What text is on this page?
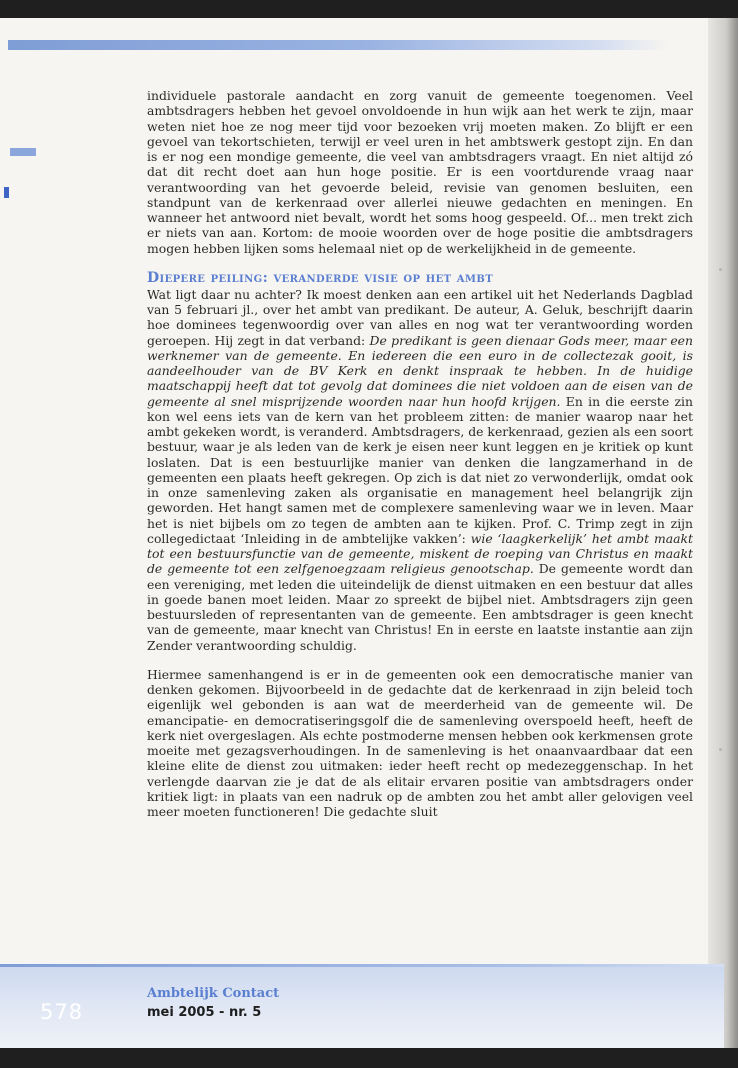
individuele pastorale aandacht en zorg vanuit de gemeente toegenomen. Veel ambtsdragers hebben het gevoel onvoldoende in hun wijk aan het werk te zijn, maar weten niet hoe ze nog meer tijd voor bezoeken vrij moeten maken. Zo blijft er een gevoel van tekortschieten, terwijl er veel uren in het ambtswerk gestopt zijn. En dan is er nog een mondige gemeente, die veel van ambtsdragers vraagt. En niet altijd zó dat dit recht doet aan hun hoge positie. Er is een voortdurende vraag naar verantwoording van het gevoerde beleid, revisie van genomen besluiten, een standpunt van de kerkenraad over allerlei nieuwe gedachten en meningen. En wanneer het antwoord niet bevalt, wordt het soms hoog gespeeld. Of... men trekt zich er niets van aan. Kortom: de mooie woorden over de hoge positie die ambtsdragers mogen hebben lijken soms helemaal niet op de werkelijkheid in de gemeente.

Diepere peiling: veranderde visie op het ambt

Wat ligt daar nu achter? Ik moest denken aan een artikel uit het Nederlands Dagblad van 5 februari jl., over het ambt van predikant. De auteur, A. Geluk, beschrijft daarin hoe dominees tegenwoordig over van alles en nog wat ter verantwoording worden geroepen. Hij zegt in dat verband: De predikant is geen dienaar Gods meer, maar een werknemer van de gemeente. En iedereen die een euro in de collectezak gooit, is aandeelhouder van de BV Kerk en denkt inspraak te hebben. In de huidige maatschappij heeft dat tot gevolg dat dominees die niet voldoen aan de eisen van de gemeente al snel misprijzende woorden naar hun hoofd krijgen. En in die eerste zin kon wel eens iets van de kern van het probleem zitten: de manier waarop naar het ambt gekeken wordt, is veranderd. Ambtsdragers, de kerkenraad, gezien als een soort bestuur, waar je als leden van de kerk je eisen neer kunt leggen en je kritiek op kunt loslaten. Dat is een bestuurlijke manier van denken die langzamerhand in de gemeenten een plaats heeft gekregen. Op zich is dat niet zo verwonderlijk, omdat ook in onze samenleving zaken als organisatie en management heel belangrijk zijn geworden. Het hangt samen met de complexere samenleving waar we in leven. Maar het is niet bijbels om zo tegen de ambten aan te kijken. Prof. C. Trimp zegt in zijn collegedictaat ‘Inleiding in de ambtelijke vakken’: wie ‘laagkerkelijk’ het ambt maakt tot een bestuursfunctie van de gemeente, miskent de roeping van Christus en maakt de gemeente tot een zelfgenoegzaam religieus genootschap. De gemeente wordt dan een vereniging, met leden die uiteindelijk de dienst uitmaken en een bestuur dat alles in goede banen moet leiden. Maar zo spreekt de bijbel niet. Ambtsdragers zijn geen bestuursleden of representanten van de gemeente. Een ambtsdrager is geen knecht van de gemeente, maar knecht van Christus! En in eerste en laatste instantie aan zijn Zender verantwoording schuldig.

Hiermee samenhangend is er in de gemeenten ook een democratische manier van denken gekomen. Bijvoorbeeld in de gedachte dat de kerkenraad in zijn beleid toch eigenlijk wel gebonden is aan wat de meerderheid van de gemeente wil. De emancipatie- en democratiseringsgolf die de samenleving overspoeld heeft, heeft de kerk niet overgeslagen. Als echte postmoderne mensen hebben ook kerkmensen grote moeite met gezagsverhoudingen. In de samenleving is het onaanvaardbaar dat een kleine elite de dienst zou uitmaken: ieder heeft recht op medezeggenschap. In het verlengde daarvan zie je dat de als elitair ervaren positie van ambtsdragers onder kritiek ligt: in plaats van een nadruk op de ambten zou het ambt aller gelovigen veel meer moeten functioneren! Die gedachte sluit

578
Ambtelijk Contact
mei 2005 - nr. 5
